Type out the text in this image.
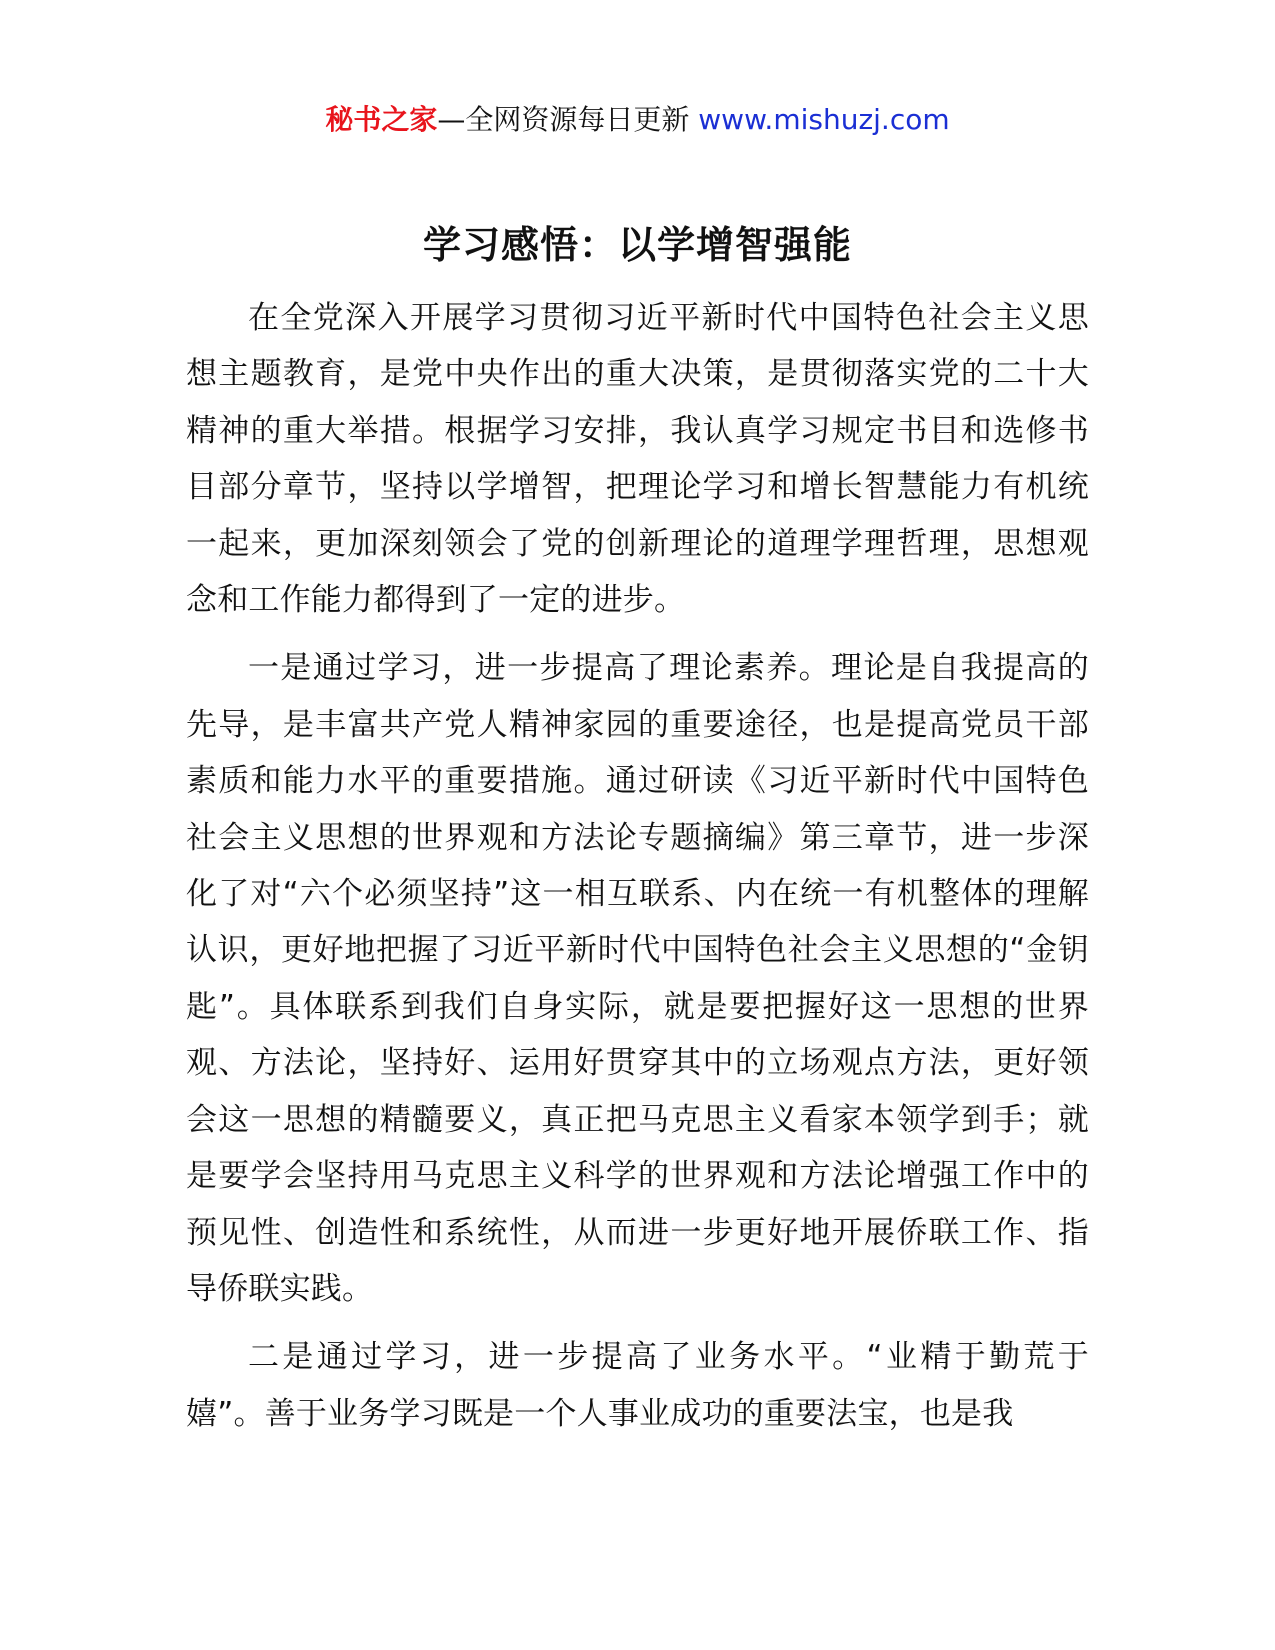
秘书之家—全网资源每日更新 www.mishuzj.com
学习感悟：以学增智强能

在全党深入开展学习贯彻习近平新时代中国特色社会主义思想主题教育，是党中央作出的重大决策，是贯彻落实党的二十大精神的重大举措。根据学习安排，我认真学习规定书目和选修书目部分章节，坚持以学增智，把理论学习和增长智慧能力有机统一起来，更加深刻领会了党的创新理论的道理学理哲理，思想观念和工作能力都得到了一定的进步。

一是通过学习，进一步提高了理论素养。理论是自我提高的先导，是丰富共产党人精神家园的重要途径，也是提高党员干部素质和能力水平的重要措施。通过研读《习近平新时代中国特色社会主义思想的世界观和方法论专题摘编》第三章节，进一步深化了对“六个必须坚持”这一相互联系、内在统一有机整体的理解认识，更好地把握了习近平新时代中国特色社会主义思想的“金钥匙”。具体联系到我们自身实际，就是要把握好这一思想的世界观、方法论，坚持好、运用好贯穿其中的立场观点方法，更好领会这一思想的精髓要义，真正把马克思主义看家本领学到手；就是要学会坚持用马克思主义科学的世界观和方法论增强工作中的预见性、创造性和系统性，从而进一步更好地开展侨联工作、指导侨联实践。

二是通过学习，进一步提高了业务水平。“业精于勤荒于嬉”。善于业务学习既是一个人事业成功的重要法宝，也是我
